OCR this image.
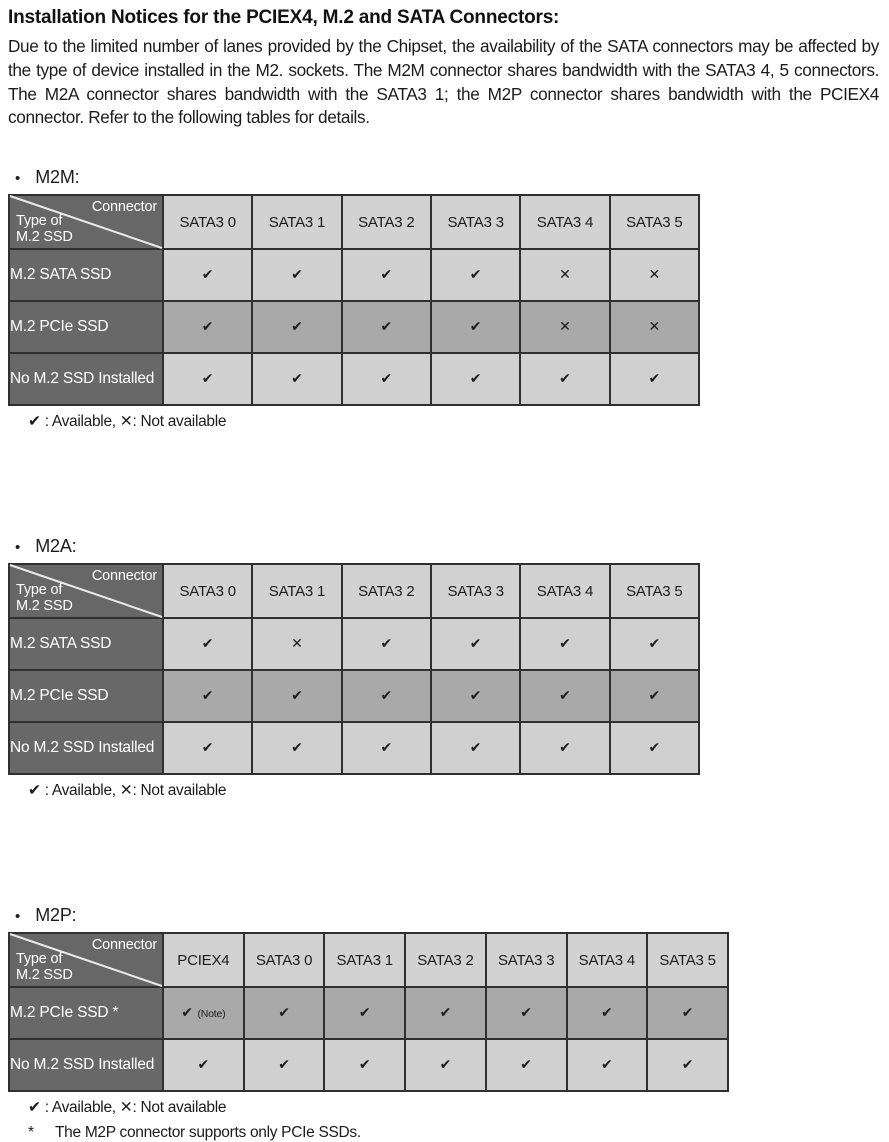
Installation Notices for the PCIEX4, M.2 and SATA Connectors:

Due to the limited number of lanes provided by the Chipset, the availability of the SATA connectors may be affected by the type of device installed in the M2. sockets. The M2M connector shares bandwidth with the SATA3 4, 5 connectors. The M2A connector shares bandwidth with the SATA3 1; the M2P connector shares bandwidth with the PCIEX4 connector. Refer to the following tables for details.

• M2M:
Connector
Type of
M.2 SSD	SATA3 0	SATA3 1	SATA3 2	SATA3 3	SATA3 4	SATA3 5
M.2 SATA SSD	✔	✔	✔	✔	✕	✕
M.2 PCIe SSD	✔	✔	✔	✔	✕	✕
No M.2 SSD Installed	✔	✔	✔	✔	✔	✔
✔ : Available, ✕: Not available
• M2A:
Connector
Type of
M.2 SSD	SATA3 0	SATA3 1	SATA3 2	SATA3 3	SATA3 4	SATA3 5
M.2 SATA SSD	✔	✕	✔	✔	✔	✔
M.2 PCIe SSD	✔	✔	✔	✔	✔	✔
No M.2 SSD Installed	✔	✔	✔	✔	✔	✔
✔ : Available, ✕: Not available
• M2P:
Connector
Type of
M.2 SSD	PCIEX4	SATA3 0	SATA3 1	SATA3 2	SATA3 3	SATA3 4	SATA3 5
M.2 PCIe SSD *	✔ (Note)	✔	✔	✔	✔	✔	✔
No M.2 SSD Installed	✔	✔	✔	✔	✔	✔	✔
✔ : Available, ✕: Not available
*	The M2P connector supports only PCIe SSDs.
